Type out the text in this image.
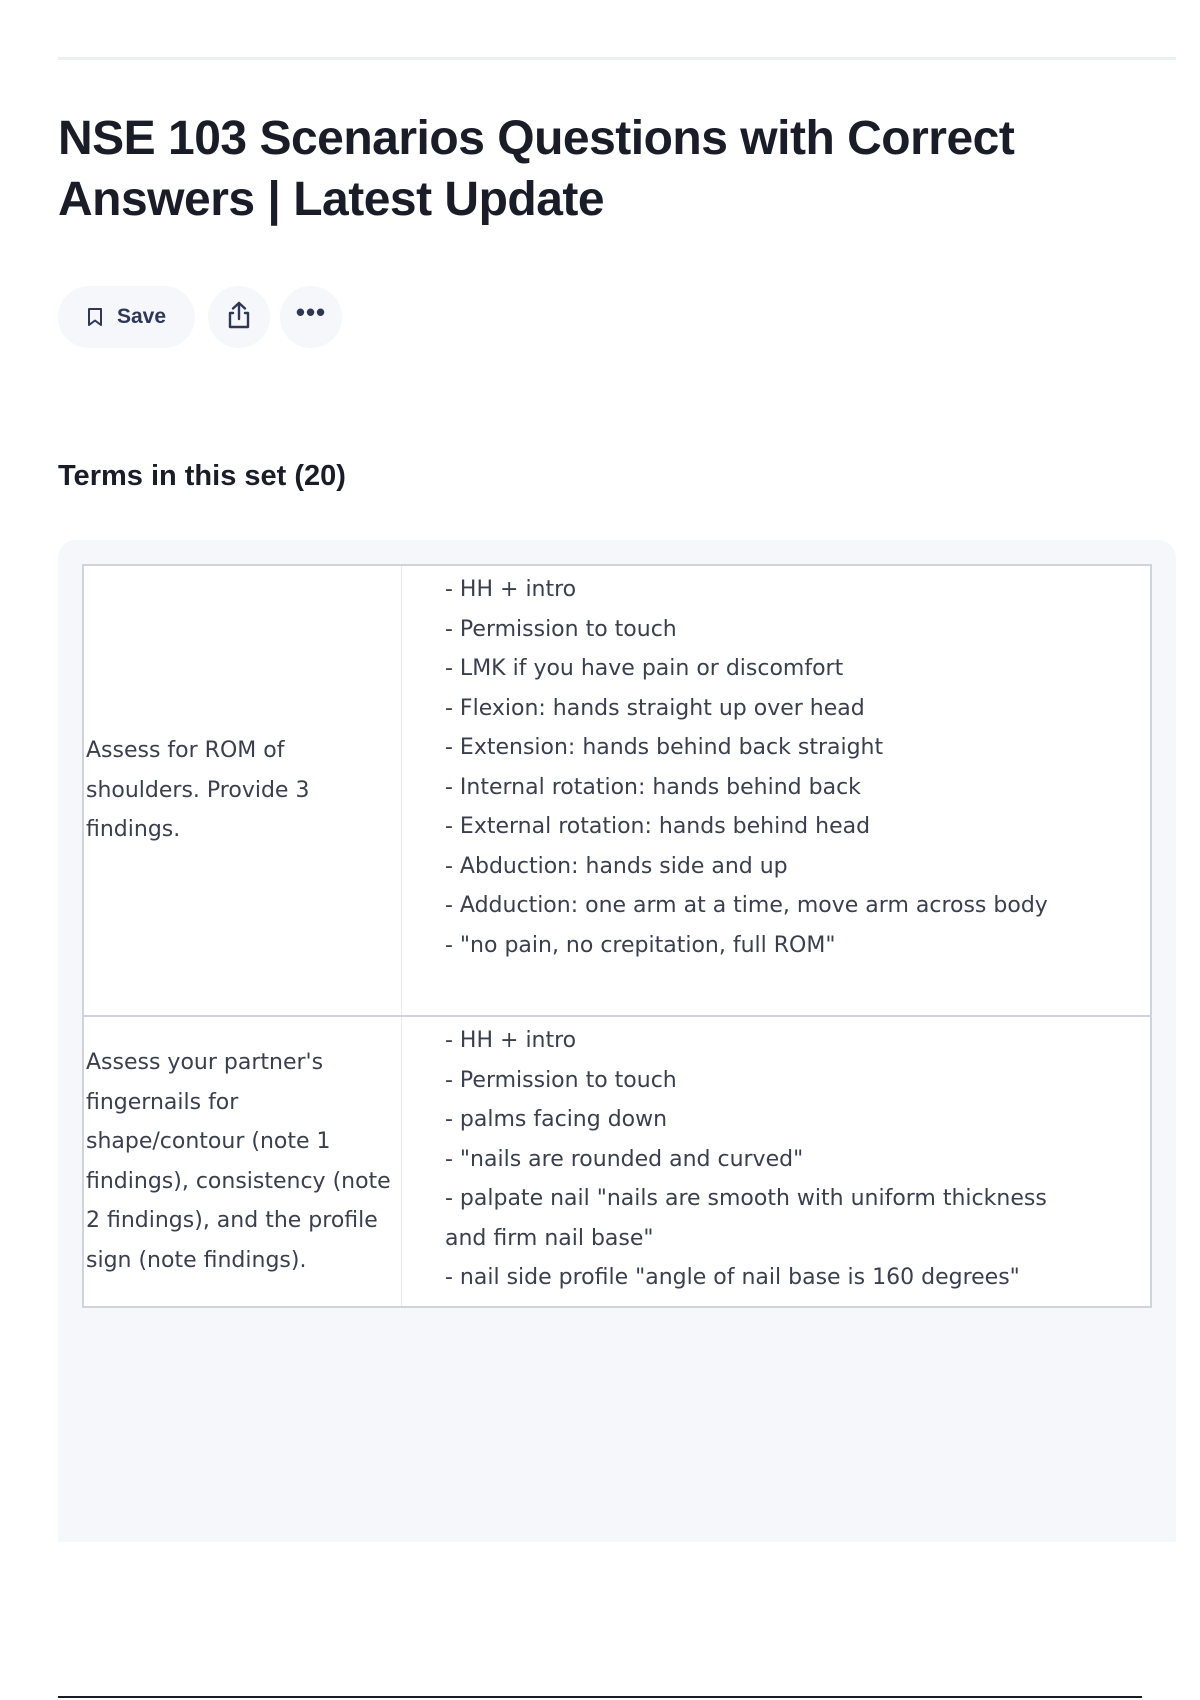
NSE 103 Scenarios Questions with Correct Answers | Latest Update
Save	•••
Terms in this set (20)
Assess for ROM of shoulders. Provide 3 findings.
- HH + intro
- Permission to touch
- LMK if you have pain or discomfort
- Flexion: hands straight up over head
- Extension: hands behind back straight
- Internal rotation: hands behind back
- External rotation: hands behind head
- Abduction: hands side and up
- Adduction: one arm at a time, move arm across body
- "no pain, no crepitation, full ROM"
Assess your partner's fingernails for shape/contour (note 1 findings), consistency (note 2 findings), and the profile sign (note findings).
- HH + intro
- Permission to touch
- palms facing down
- "nails are rounded and curved"
- palpate nail "nails are smooth with uniform thickness and firm nail base"
- nail side profile "angle of nail base is 160 degrees"
